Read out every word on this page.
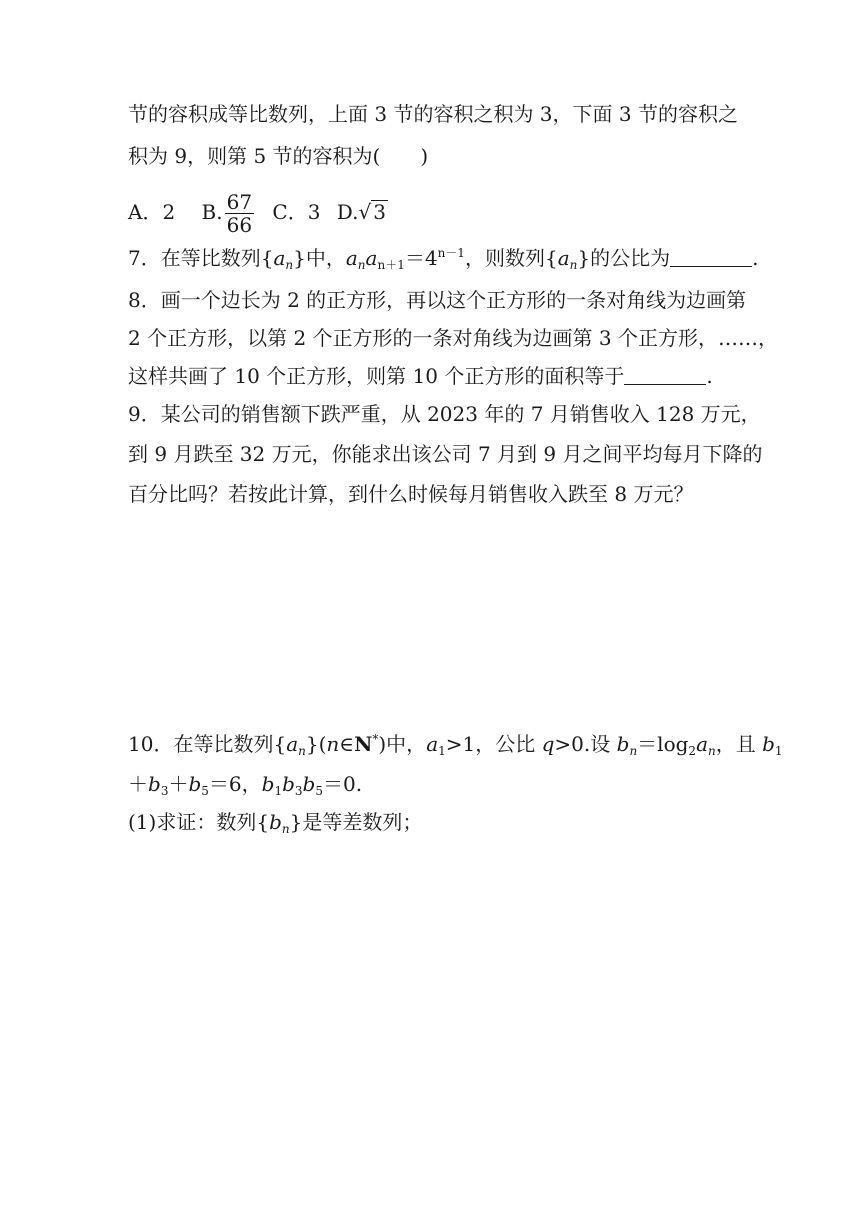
节的容积成等比数列，上面 3 节的容积之积为 3，下面 3 节的容积之
积为 9，则第 5 节的容积为(　　)
A．2　 B. $\frac{67}{66}$
  C．3  D.√ 3
7．在等比数列$\{a_n\}$中，$a_na_{n+1}=4^{n-1}$，则数列$\{a_n\}$的公比为	.
8．画一个边长为 2 的正方形，再以这个正方形的一条对角线为边画第
2 个正方形，以第 2 个正方形的一条对角线为边画第 3 个正方形，……，
这样共画了 10 个正方形，则第 10 个正方形的面积等于	.
9．某公司的销售额下跌严重，从 2023 年的 7 月销售收入 128 万元，
到 9 月跌至 32 万元，你能求出该公司 7 月到 9 月之间平均每月下降的
百分比吗？若按此计算，到什么时候每月销售收入跌至 8 万元？
10．在等比数列$\{a_n\}(n\in N^*)$中，$a_1>1$，公比 q>0.设 $b_n=\log_2a_n$，且 $b_1$
$+b_3+b_5=6$，$b_1b_3b_5=0$.
(1)求证：数列$\{b_n\}$是等差数列；
